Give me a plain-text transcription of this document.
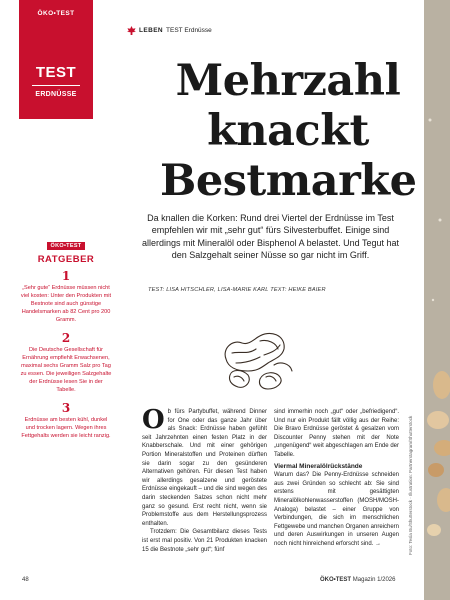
ÖKO•TEST
TEST
ERDNÜSSE
LEBEN TEST Erdnüsse
Mehrzahl
knackt
Bestmarke
Da knallen die Korken: Rund drei Viertel der Erdnüsse im Test empfehlen wir mit „sehr gut“ fürs Silvesterbuffet. Einige sind allerdings mit Mineralöl oder Bisphenol A belastet. Und Tegut hat den Salzgehalt seiner Nüsse so gar nicht im Griff.
TEST: LISA HITSCHLER, LISA-MARIE KARL TEXT: HEIKE BAIER
Foto: Tesla Bu/Shutterstock · Illustration: Partnerstagram/Shutterstock
ÖKO•TEST
RATGEBER
1
„Sehr gute“ Erdnüsse müssen nicht viel kosten: Unter den Produkten mit Bestnote sind auch günstige Handelsmarken ab 82 Cent pro 200 Gramm.
2
Die Deutsche Gesellschaft für Ernährung empfiehlt Erwachsenen, maximal sechs Gramm Salz pro Tag zu essen. Die jeweiligen Salzgehalte der Erdnüsse lesen Sie in der Tabelle.
3
Erdnüsse am besten kühl, dunkel und trocken lagern. Wegen ihres Fettgehalts werden sie leicht ranzig.

Ob fürs Partybuffet, während Dinner for One oder das ganze Jahr über als Snack: Erdnüsse haben gefühlt seit Jahrzehnten einen festen Platz in der Knabberschale. Und mit einer gehörigen Portion Mineralstoffen und Proteinen dürften sie darin sogar zu den gesünderen Alternativen gehören. Für diesen Test haben wir allerdings gesalzene und geröstete Erdnüsse eingekauft – und die sind wegen des darin steckenden Salzes schon nicht mehr ganz so gesund. Erst recht nicht, wenn sie Problemstoffe aus dem Herstellungsprozess enthalten.

Trotzdem: Die Gesamtbilanz dieses Tests ist erst mal positiv. Von 21 Produkten knacken 15 die Bestnote „sehr gut“; fünf

sind immerhin noch „gut“ oder „befriedigend“. Und nur ein Produkt fällt völlig aus der Reihe: Die Bravo Erdnüsse geröstet & gesalzen vom Discounter Penny stehen mit der Note „ungenügend“ weit abgeschlagen am Ende der Tabelle.

Viermal Mineralölrückstände

Warum das? Die Penny-Erdnüsse schneiden aus zwei Gründen so schlecht ab: Sie sind erstens mit gesättigten Mineralölkohlenwasserstoffen (MOSH/MOSH-Analoga) belastet – einer Gruppe von Verbindungen, die sich im menschlichen Fettgewebe und manchen Organen anreichern und deren Auswirkungen in unseren Augen noch nicht hinreichend erforscht sind. →

48	ÖKO•TEST Magazin 1/2026
